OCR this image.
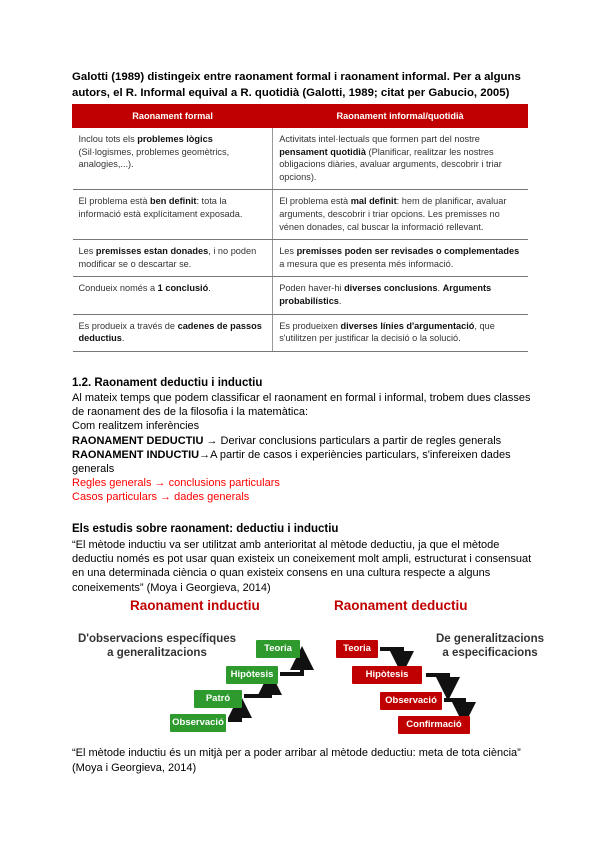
Galotti (1989) distingeix entre raonament formal i raonament informal. Per a alguns autors, el R. Informal equival a R. quotidià (Galotti, 1989; citat per Gabucio, 2005)
Raonament formal	Raonament informal/quotidià
Inclou tots els problemes lògics (Sil·logismes, problemes geomètrics, analogies,...).	Activitats intel·lectuals que formen part del nostre pensament quotidià (Planificar, realitzar les nostres obligacions diàries, avaluar arguments, descobrir i triar opcions).
El problema està ben definit: tota la informació està explícitament exposada.	El problema està mal definit: hem de planificar, avaluar arguments, descobrir i triar opcions. Les premisses no vénen donades, cal buscar la informació rellevant.
Les premisses estan donades, i no poden modificar se o descartar se.	Les premisses poden ser revisades o complementades a mesura que es presenta més informació.
Condueix només a 1 conclusió.	Poden haver-hi diverses conclusions. Arguments probabilístics.
Es produeix a través de cadenes de passos deductius.	Es produeixen diverses línies d'argumentació, que s'utilitzen per justificar la decisió o la solució.
1.2. Raonament deductiu i inductiu
Al mateix temps que podem classificar el raonament en formal i informal, trobem dues classes de raonament des de la filosofia i la matemàtica:
Com realitzem inferències
RAONAMENT DEDUCTIU → Derivar conclusions particulars a partir de regles generals
RAONAMENT INDUCTIU→A partir de casos i experiències particulars, s'infereixen dades generals
Regles generals → conclusions particulars
Casos particulars → dades generals
Els estudis sobre raonament: deductiu i inductiu
“El mètode inductiu va ser utilitzat amb anterioritat al mètode deductiu, ja que el mètode deductiu només es pot usar quan existeix un coneixement molt ampli, estructurat i consensuat en una determinada ciència o quan existeix consens en una cultura respecte a alguns coneixements” (Moya i Georgieva, 2014)
Raonament inductiu	Raonament deductiu
D'observacions específiques
a generalitzacions
De generalitzacions
a especificacions
Observació
Patró
Hipòtesis
Teoria	Teoria
Hipòtesis
Observació
Confirmació
“El mètode inductiu és un mitjà per a poder arribar al mètode deductiu: meta de tota ciència” (Moya i Georgieva, 2014)
